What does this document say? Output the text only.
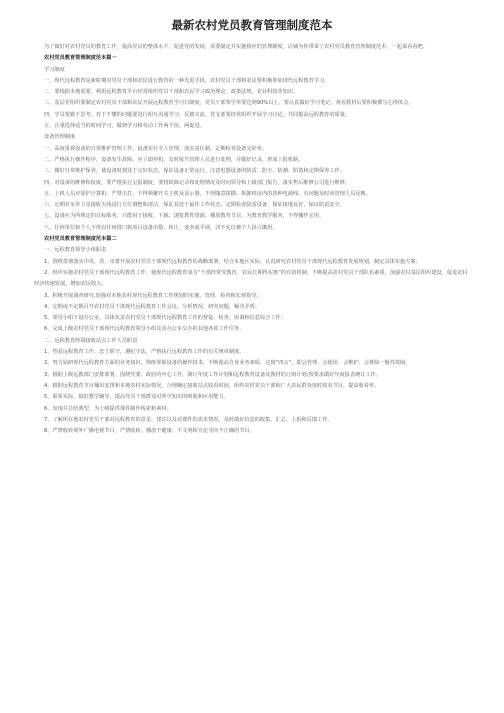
最新农村党员教育管理制度范本

为了做好对农村党员的教育工作，提高党员的整体水平，促进党的发展，需要制定并实施相应的管理制度。店铺为你带来了农村党员教育管理制度范本，一起来看看吧。

农村党员教育管理制度范本篇一

学习制度

一、现代远程教育是新时期对党员干部和农民进行教育的一种先进手段，农村党员干部和农民要积极参加现代远程教育学习。

二、要根据本地需要，利用远程教育平台经常组织党员干部和农民学习政治理论、政策法规、农业科技等知识。

三、基层党组织要制定农村党员干部和农民开展远程教育学习日制度，党员干部参学率要达到90%以上，要认真做好学习笔记，观看教材后要积极撰写心得体会。

四、学员要勤于思考，对于不懂的问题要进行相互沟通学习，反馈交流。党支部要经常组织开展学习讨论，共同提高远程教育的质量。

五、注重选择适当的时间学习，做到学习和劳动工作两不误，两促进。

设备管理制度

一、高度重视设备的日常维护管理工作，设备实行专人管理，落实责任制，定期检查设备完好率。

二、严格执行操作程序，设备发生故障，应立即停机，及时报告管理人员进行处理，并做好记录，形成上报机制。

三、做好日常维护保养，使设备时刻处于完好状态，保证设备正常运行。注意电器设备的防雷、防尘、防潮、防盗和定期保养工作。

四、对设备的维修和报废，要严格执行呈报制度，要将故障记录和处理情况及时向领导和上级部门报告，落实售后维修公司进行维修。

五、上机人员应爱护计算机，严禁击打，不得频繁开关主机及显示器。不得随意拔插、拆卸机房内的各种电源线、有问题及时向管理人员反映。

六、定期对室外卫星接收天线进行方位调整和清洁，保证其处于最佳工作状态。定期检查防雷设备，保证接地良好，保证防雷安全。

七、设备应为所规定的目标服务，只能用于接收、下载、浏览教育资源，播放教育节目，为教育教学服务，不得挪作它用。

八、任何单位和个人不得以任何借口将项目设备出借、转让、变卖或平调，决不允许被个人挤占挪用。

农村党员教育管理制度范本篇二

一、远程教育领导小组职责

1、围绕贯彻落实中央、省、市委开展农村党员干部现代远程教育的战略部署，结合本地区实际，认真研究农村党员干部现代远程教育发展规划，制定具体实施方案；

2、组织实施农村党员干部现代远程教育工作，使现代远程教育成为“干部经常受教育，农民长期得实惠”的有效机制，不断提高农村党员干部队伍素质，加强农村基层组织建设，促进农村经济快速发展，增加农民收入；

3、积极开展调查研究,加强对本地农村现代远程教育工作规划的实施，管理，检查和宏观指导；

4、定期或不定期召开农村党员干部现代远程教育工作会议，分析情况，研究问题，解决矛盾；

5、领导小组下设办公室，具体负责农村党员干部现代远程教育工作的督促、检查、协调和信息综合工作；

6、完成上级农村党员干部现代远程教育领导小组及其办公室交办的其他各项工作任务。

二、远程教育终端接收站点工作人员职责

1、热爱远程教育工作，忠于职守，遵纪守法，严格执行远程教育工作的有关规章制度。

2、努力钻研现代远程教育方面的业务知识，熟练掌握设备的操作技术，不断提高自身业务素质，达到“四会”，即会管理、会使用、会维护、会排除一般性故障。

3、根据上级远教部门安排部署，围绕党委、政府的中心工作，制订年度工作计划和远程教育设备及教材的订购计划;按要求做好年度报表统计工作。

4、根据远程教育节目播出安排和本地农村实际情况，合理确定接收站点收看时间，组织农村党员干部和广大农民群众按时收看节目，提高收看率。

5、联系实际，搞好教学辅导，提高党员干部群众对所学知识的吸收和应用能力。

6、发现并总结典型，为上级提供课件制作线索和素材。

7、了解所在地农村党员干部对远程教育的意见、建议以及对课件的需求情况，及时做好信息的收集、汇总、上报和反馈工作。

8、严禁收转境外广播电视节目，严禁收转、播放不健康、不文明和宣论导向不正确的节目。
